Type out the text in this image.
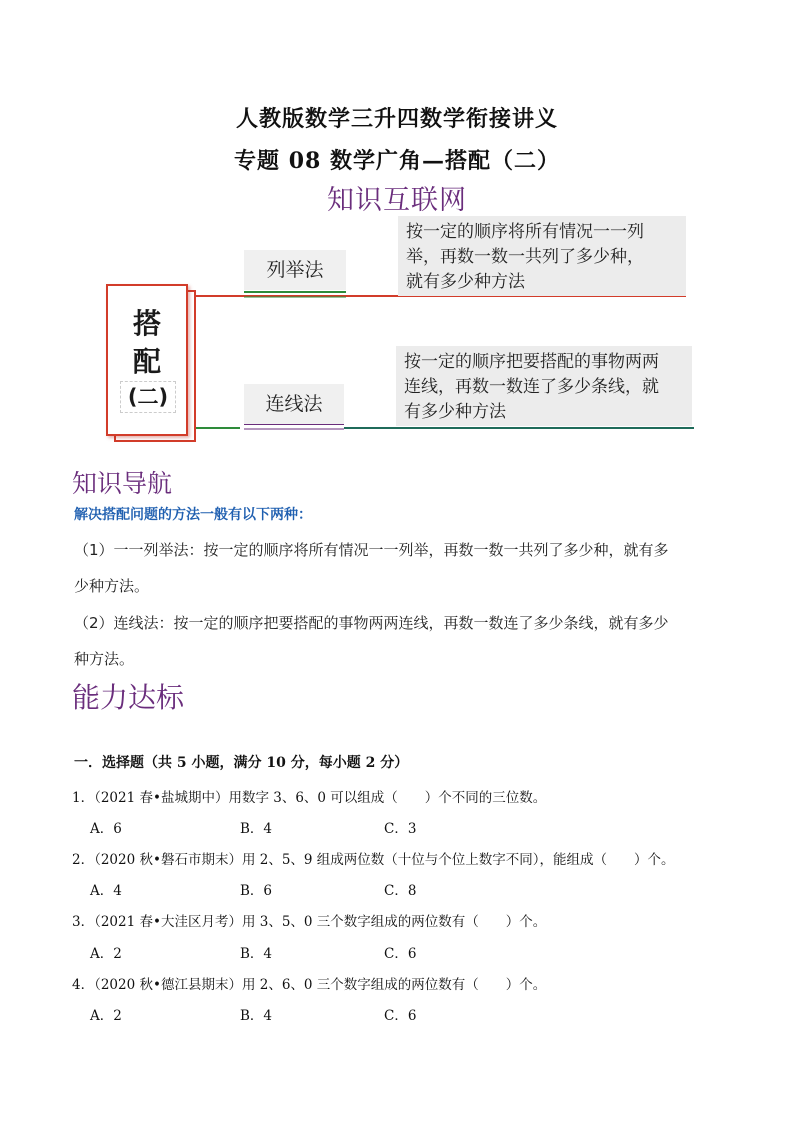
人教版数学三升四数学衔接讲义
专题 08 数学广角—搭配（二）
知识互联网
搭
配
(二)
列举法
按一定的顺序将所有情况一一列
举，再数一数一共列了多少种，
就有多少种方法
连线法
按一定的顺序把要搭配的事物两两
连线，再数一数连了多少条线，就
有多少种方法
知识导航
解决搭配问题的方法一般有以下两种：
（1）一一列举法：按一定的顺序将所有情况一一列举，再数一数一共列了多少种，就有多
少种方法。
（2）连线法：按一定的顺序把要搭配的事物两两连线，再数一数连了多少条线，就有多少
种方法。
能力达标
一．选择题（共 5 小题，满分 10 分，每小题 2 分）
1．（2021 春•盐城期中）用数字 3、6、0 可以组成（　　）个不同的三位数。
A．6	B．4	C．3
2．（2020 秋•磐石市期末）用 2、5、9 组成两位数（十位与个位上数字不同），能组成（　　）个。
A．4	B．6	C．8
3．（2021 春•大洼区月考）用 3、5、0 三个数字组成的两位数有（　　）个。
A．2	B．4	C．6
4．（2020 秋•德江县期末）用 2、6、0 三个数字组成的两位数有（　　）个。
A．2	B．4	C．6
